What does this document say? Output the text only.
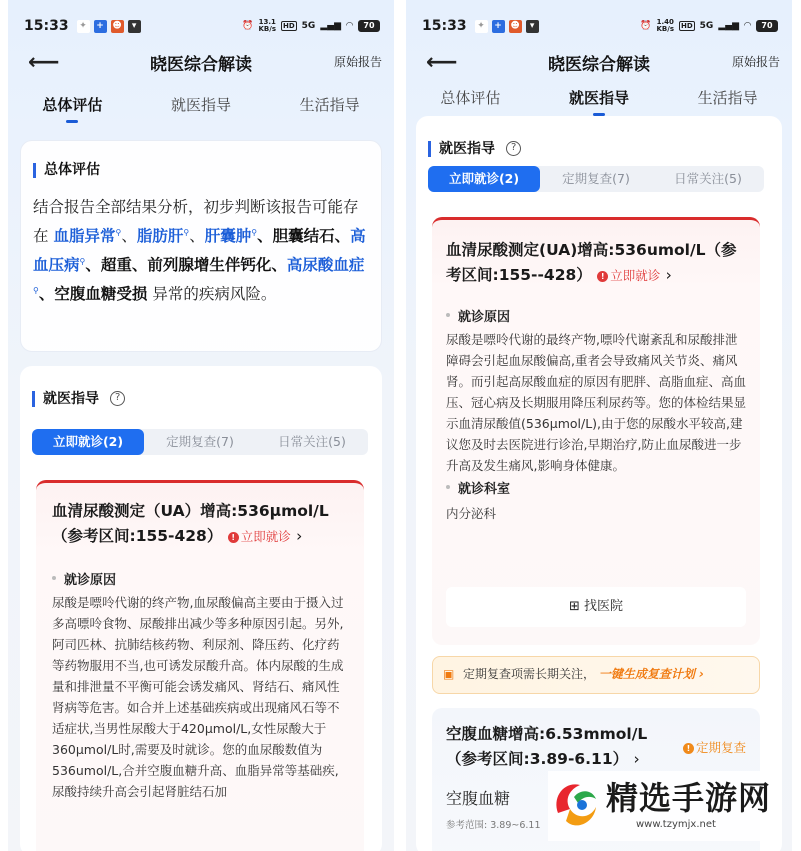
15:33	✦	+ ☻	▾	⏰ 13.1
KB/s HD 5G ▂▄▆ ◠	70
⟵	晓医综合解读	原始报告
总体评估	就医指导	生活指导
总体评估
结合报告全部结果分析，初步判断该报告可能存在 血脂异常⚲、脂肪肝⚲、肝囊肿⚲、胆囊结石、高血压病⚲、超重、前列腺增生伴钙化、高尿酸血症⚲、空腹血糖受损 异常的疾病风险。
就医指导 ?
立即就诊(2)	定期复查(7)	日常关注(5)
血清尿酸测定（UA）增高:536μmol/L（参考区间:155-428） ! 立即就诊 ›
就诊原因
尿酸是嘌呤代谢的终产物,血尿酸偏高主要由于摄入过多高嘌呤食物、尿酸排出减少等多种原因引起。另外,阿司匹林、抗肺结核药物、利尿剂、降压药、化疗药等药物服用不当,也可诱发尿酸升高。体内尿酸的生成量和排泄量不平衡可能会诱发痛风、肾结石、痛风性肾病等危害。如合并上述基础疾病或出现痛风石等不适症状,当男性尿酸大于420μmol/L,女性尿酸大于360μmol/L时,需要及时就诊。您的血尿酸数值为536umol/L,合并空腹血糖升高、血脂异常等基础疾,尿酸持续升高会引起肾脏结石加
15:33	✦	+ ☻	▾	⏰ 1.40
KB/s HD 5G ▂▄▆ ◠	70
⟵	晓医综合解读	原始报告
总体评估	就医指导	生活指导
就医指导 ?
立即就诊(2)	定期复查(7)	日常关注(5)
血清尿酸测定(UA)增高:536umol/L（参考区间:155--428） ! 立即就诊 ›
就诊原因
尿酸是嘌呤代谢的最终产物,嘌呤代谢紊乱和尿酸排泄障碍会引起血尿酸偏高,重者会导致痛风关节炎、痛风肾。而引起高尿酸血症的原因有肥胖、高脂血症、高血压、冠心病及长期服用降压利尿药等。您的体检结果显示血清尿酸值(536μmol/L),由于您的尿酸水平较高,建议您及时去医院进行诊治,早期治疗,防止血尿酸进一步升高及发生痛风,影响身体健康。
就诊科室
内分泌科
⊞ 找医院
▣ 定期复查项需长期关注， 一键生成复查计划 ›
空腹血糖增高:6.53mmol/L（参考区间:3.89-6.11） ›
! 定期复查
空腹血糖
参考范围: 3.89~6.11
精选手游网
www.tzymjx.net
